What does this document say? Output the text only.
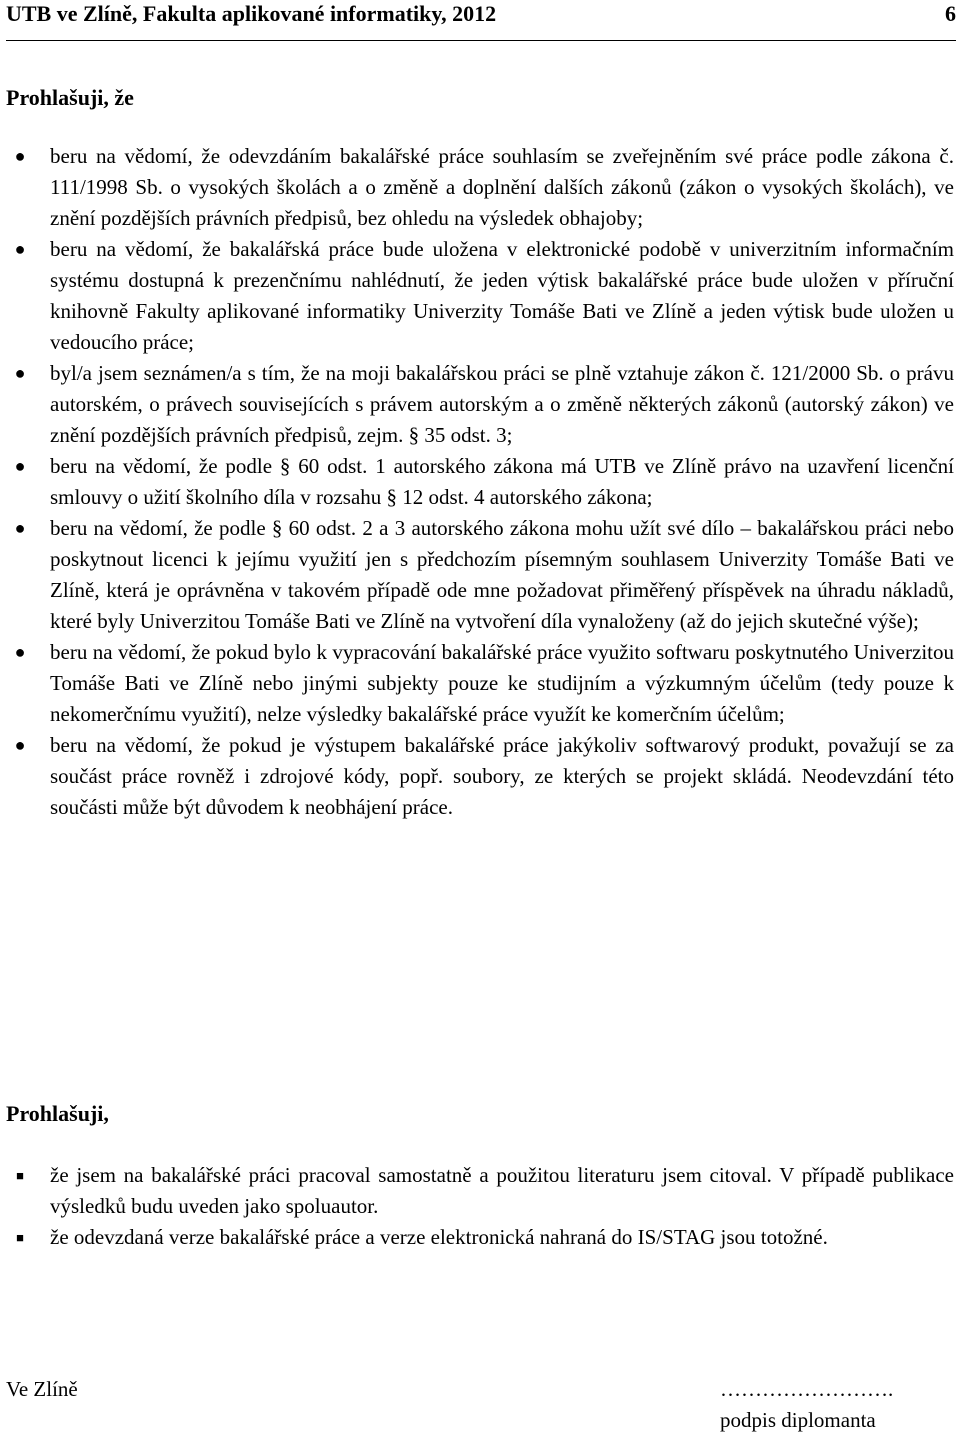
UTB ve Zlíně, Fakulta aplikované informatiky, 2012	6
Prohlašuji, že
●	beru na vědomí, že odevzdáním bakalářské práce souhlasím se zveřejněním své práce podle zákona č. 111/1998 Sb. o vysokých školách a o změně a doplnění dalších zákonů (zákon o vysokých školách), ve znění pozdějších právních předpisů, bez ohledu na výsledek obhajoby;
●	beru na vědomí, že bakalářská práce bude uložena v elektronické podobě v univerzitním informačním systému dostupná k prezenčnímu nahlédnutí, že jeden výtisk bakalářské práce bude uložen v příruční knihovně Fakulty aplikované informatiky Univerzity Tomáše Bati ve Zlíně a jeden výtisk bude uložen u vedoucího práce;
●	byl/a jsem seznámen/a s tím, že na moji bakalářskou práci se plně vztahuje zákon č. 121/2000 Sb. o právu autorském, o právech souvisejících s právem autorským a o změně některých zákonů (autorský zákon) ve znění pozdějších právních předpisů, zejm. § 35 odst. 3;
●	beru na vědomí, že podle § 60 odst. 1 autorského zákona má UTB ve Zlíně právo na uzavření licenční smlouvy o užití školního díla v rozsahu § 12 odst. 4 autorského zákona;
●	beru na vědomí, že podle § 60 odst. 2 a 3 autorského zákona mohu užít své dílo – bakalářskou práci nebo poskytnout licenci k jejímu využití jen s předchozím písemným souhlasem Univerzity Tomáše Bati ve Zlíně, která je oprávněna v takovém případě ode mne požadovat přiměřený příspěvek na úhradu nákladů, které byly Univerzitou Tomáše Bati ve Zlíně na vytvoření díla vynaloženy (až do jejich skutečné výše);
●	beru na vědomí, že pokud bylo k vypracování bakalářské práce využito softwaru poskytnutého Univerzitou Tomáše Bati ve Zlíně nebo jinými subjekty pouze ke studijním a výzkumným účelům (tedy pouze k nekomerčnímu využití), nelze výsledky bakalářské práce využít ke komerčním účelům;
●	beru na vědomí, že pokud je výstupem bakalářské práce jakýkoliv softwarový produkt, považují se za součást práce rovněž i zdrojové kódy, popř. soubory, ze kterých se projekt skládá. Neodevzdání této součásti může být důvodem k neobhájení práce.
Prohlašuji,
■	že jsem na bakalářské práci pracoval samostatně a použitou literaturu jsem citoval. V případě publikace výsledků budu uveden jako spoluautor.
■	že odevzdaná verze bakalářské práce a verze elektronická nahraná do IS/STAG jsou totožné.
Ve Zlíně	…………………….
podpis diplomanta
